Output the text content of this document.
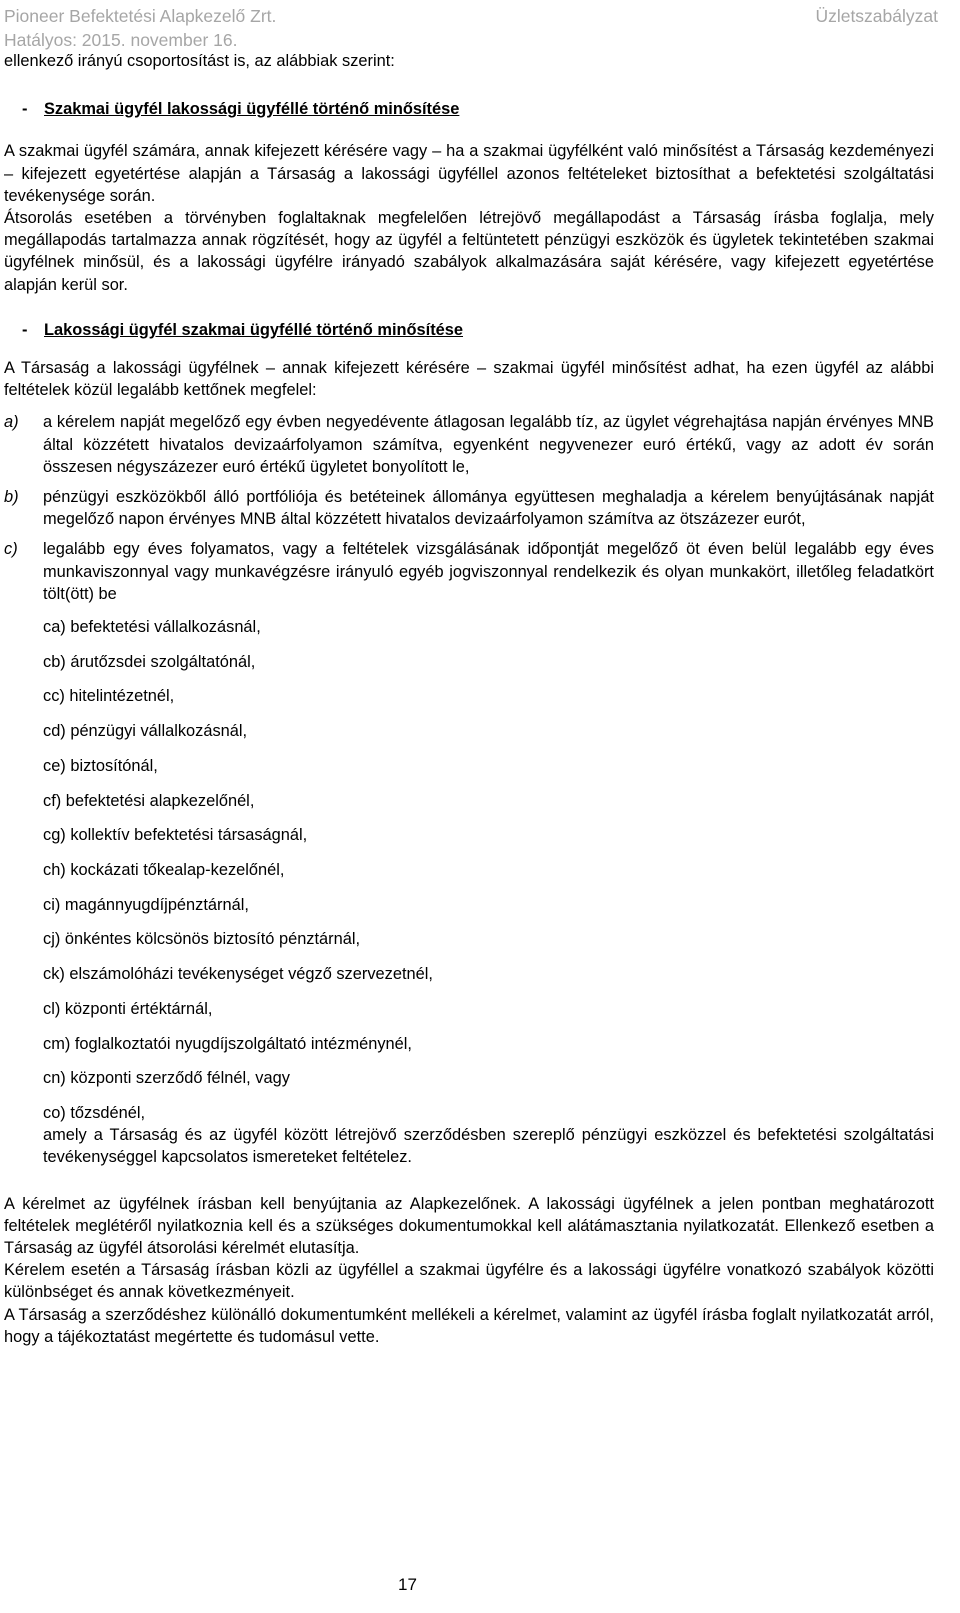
Pioneer Befektetési Alapkezelő Zrt.
Hatályos: 2015. november 16.
Üzletszabályzat

ellenkező irányú csoportosítást is, az alábbiak szerint:

- Szakmai ügyfél lakossági ügyféllé történő minősítése

A szakmai ügyfél számára, annak kifejezett kérésére vagy – ha a szakmai ügyfélként való minősítést a Társaság kezdeményezi – kifejezett egyetértése alapján a Társaság a lakossági ügyféllel azonos feltételeket biztosíthat a befektetési szolgáltatási tevékenysége során.

Átsorolás esetében a törvényben foglaltaknak megfelelően létrejövő megállapodást a Társaság írásba foglalja, mely megállapodás tartalmazza annak rögzítését, hogy az ügyfél a feltüntetett pénzügyi eszközök és ügyletek tekintetében szakmai ügyfélnek minősül, és a lakossági ügyfélre irányadó szabályok alkalmazására saját kérésére, vagy kifejezett egyetértése alapján kerül sor.

- Lakossági ügyfél szakmai ügyféllé történő minősítése

A Társaság a lakossági ügyfélnek – annak kifejezett kérésére – szakmai ügyfél minősítést adhat, ha ezen ügyfél az alábbi feltételek közül legalább kettőnek megfelel:

a) a kérelem napját megelőző egy évben negyedévente átlagosan legalább tíz, az ügylet végrehajtása napján érvényes MNB által közzétett hivatalos devizaárfolyamon számítva, egyenként negyvenezer euró értékű, vagy az adott év során összesen négyszázezer euró értékű ügyletet bonyolított le,
b) pénzügyi eszközökből álló portfóliója és betéteinek állománya együttesen meghaladja a kérelem benyújtásának napját megelőző napon érvényes MNB által közzétett hivatalos devizaárfolyamon számítva az ötszázezer eurót,
c) legalább egy éves folyamatos, vagy a feltételek vizsgálásának időpontját megelőző öt éven belül legalább egy éves munkaviszonnyal vagy munkavégzésre irányuló egyéb jogviszonnyal rendelkezik és olyan munkakört, illetőleg feladatkört tölt(ött) be

ca) befektetési vállalkozásnál,

cb) árutőzsdei szolgáltatónál,

cc) hitelintézetnél,

cd) pénzügyi vállalkozásnál,

ce) biztosítónál,

cf) befektetési alapkezelőnél,

cg) kollektív befektetési társaságnál,

ch) kockázati tőkealap-kezelőnél,

ci) magánnyugdíjpénztárnál,

cj) önkéntes kölcsönös biztosító pénztárnál,

ck) elszámolóházi tevékenységet végző szervezetnél,

cl) központi értéktárnál,

cm) foglalkoztatói nyugdíjszolgáltató intézménynél,

cn) központi szerződő félnél, vagy

co) tőzsdénél,

amely a Társaság és az ügyfél között létrejövő szerződésben szereplő pénzügyi eszközzel és befektetési szolgáltatási tevékenységgel kapcsolatos ismereteket feltételez.

A kérelmet az ügyfélnek írásban kell benyújtania az Alapkezelőnek. A lakossági ügyfélnek a jelen pontban meghatározott feltételek meglétéről nyilatkoznia kell és a szükséges dokumentumokkal kell alátámasztania nyilatkozatát. Ellenkező esetben a Társaság az ügyfél átsorolási kérelmét elutasítja.

Kérelem esetén a Társaság írásban közli az ügyféllel a szakmai ügyfélre és a lakossági ügyfélre vonatkozó szabályok közötti különbséget és annak következményeit.

A Társaság a szerződéshez különálló dokumentumként mellékeli a kérelmet, valamint az ügyfél írásba foglalt nyilatkozatát arról, hogy a tájékoztatást megértette és tudomásul vette.

17
